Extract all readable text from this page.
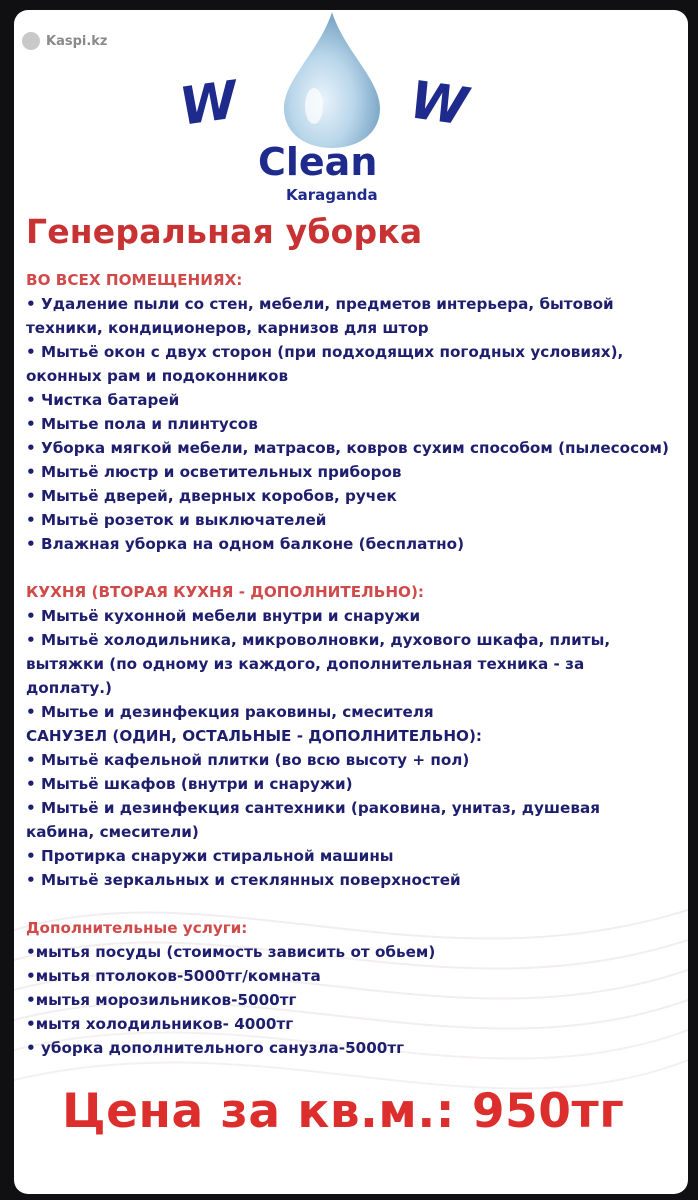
Kaspi.kz
W	W
Clean
Karaganda
Генеральная уборка
ВО ВСЕХ ПОМЕЩЕНИЯХ:
• Удаление пыли со стен, мебели, предметов интерьера, бытовой
техники, кондиционеров, карнизов для штор
• Мытьё окон с двух сторон (при подходящих погодных условиях),
оконных рам и подоконников
• Чистка батарей
• Мытье пола и плинтусов
• Уборка мягкой мебели, матрасов, ковров сухим способом (пылесосом)
• Мытьё люстр и осветительных приборов
• Мытьё дверей, дверных коробов, ручек
• Мытьё розеток и выключателей
• Влажная уборка на одном балконе (бесплатно)
КУХНЯ (ВТОРАЯ КУХНЯ - ДОПОЛНИТЕЛЬНО):
• Мытьё кухонной мебели внутри и снаружи
• Мытьё холодильника, микроволновки, духового шкафа, плиты,
вытяжки (по одному из каждого, дополнительная техника - за
доплату.)
• Мытье и дезинфекция раковины, смесителя
САНУЗЕЛ (ОДИН, ОСТАЛЬНЫЕ - ДОПОЛНИТЕЛЬНО):
• Мытьё кафельной плитки (во всю высоту + пол)
• Мытьё шкафов (внутри и снаружи)
• Мытьё и дезинфекция сантехники (раковина, унитаз, душевая
кабина, смесители)
• Протирка снаружи стиральной машины
• Мытьё зеркальных и стеклянных поверхностей
Дополнительные услуги:
•мытья посуды (стоимость зависить от обьем)
•мытья птолоков-5000тг/комната
•мытья морозильников-5000тг
•мытя холодильников- 4000тг
• уборка дополнительного санузла-5000тг
Цена за кв.м.: 950тг
